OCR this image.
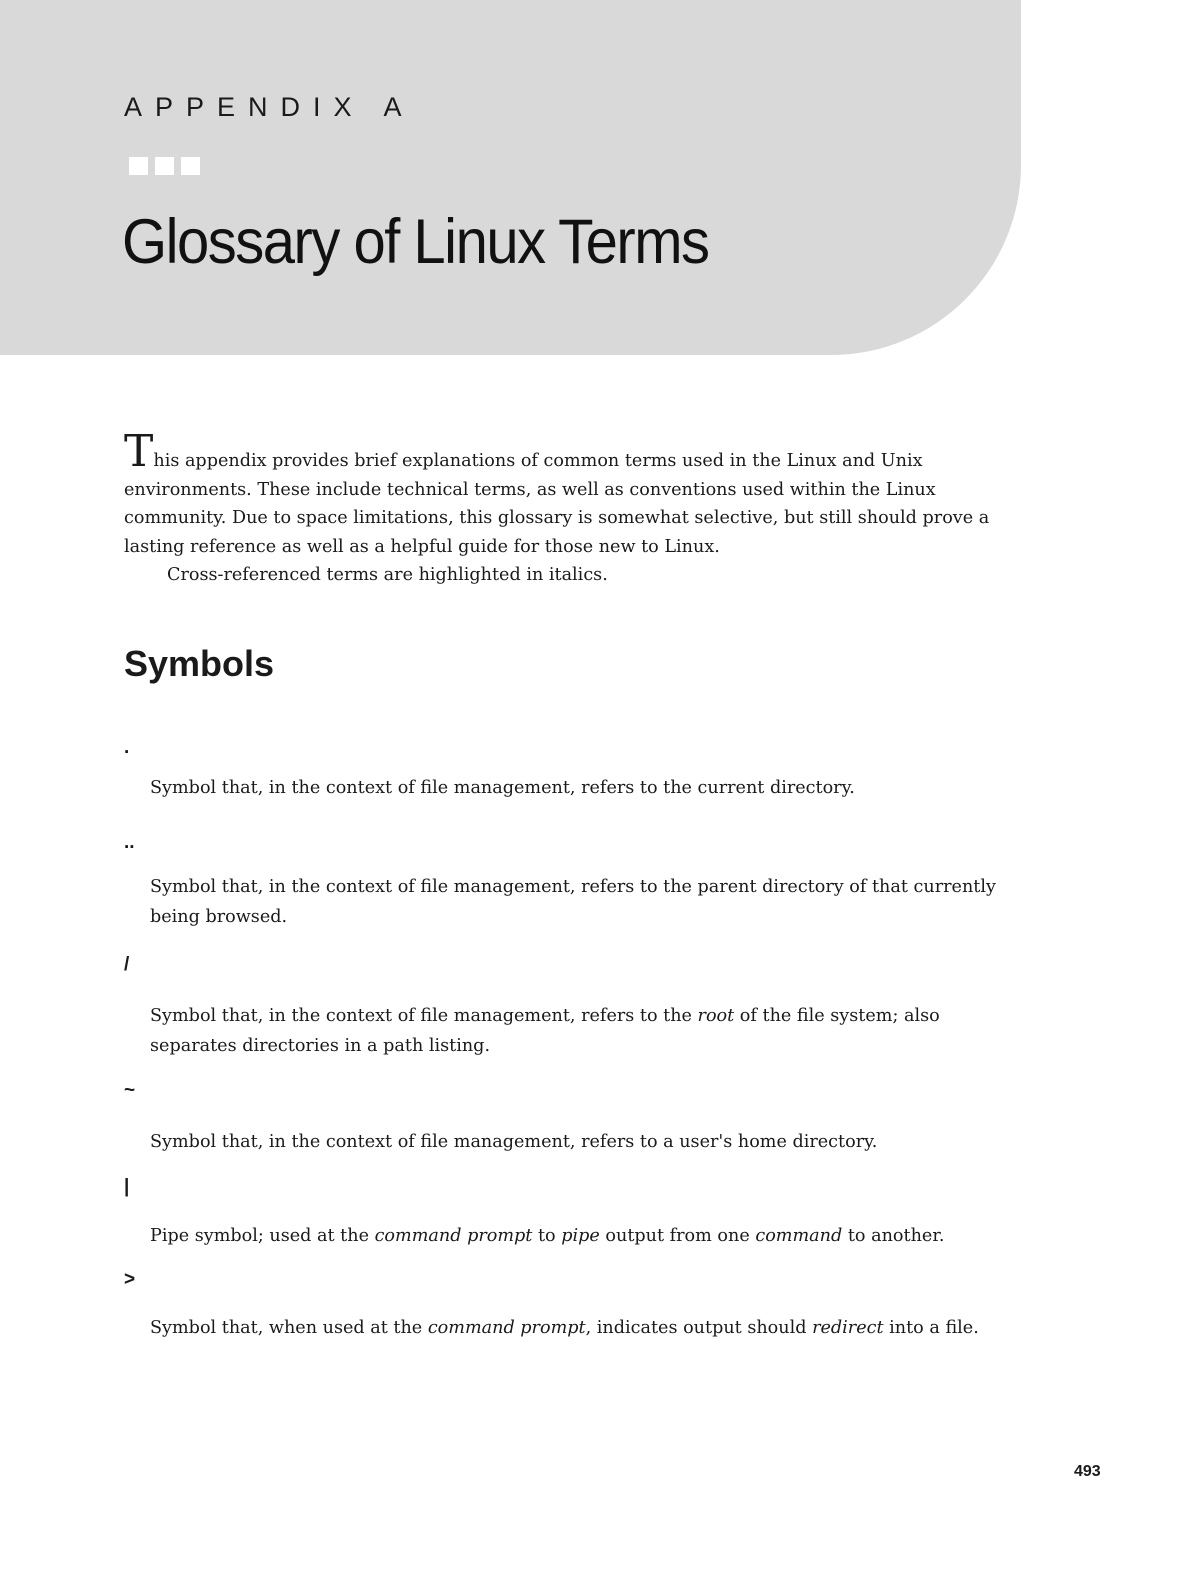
APPENDIX A
Glossary of Linux Terms

This appendix provides brief explanations of common terms used in the Linux and Unix environments. These include technical terms, as well as conventions used within the Linux community. Due to space limitations, this glossary is somewhat selective, but still should prove a lasting reference as well as a helpful guide for those new to Linux.

Cross-referenced terms are highlighted in italics.

Symbols
.

Symbol that, in the context of file management, refers to the current directory.

..

Symbol that, in the context of file management, refers to the parent directory of that currently being browsed.

/

Symbol that, in the context of file management, refers to the root of the file system; also separates directories in a path listing.

~

Symbol that, in the context of file management, refers to a user's home directory.

|

Pipe symbol; used at the command prompt to pipe output from one command to another.

>

Symbol that, when used at the command prompt, indicates output should redirect into a file.

493
